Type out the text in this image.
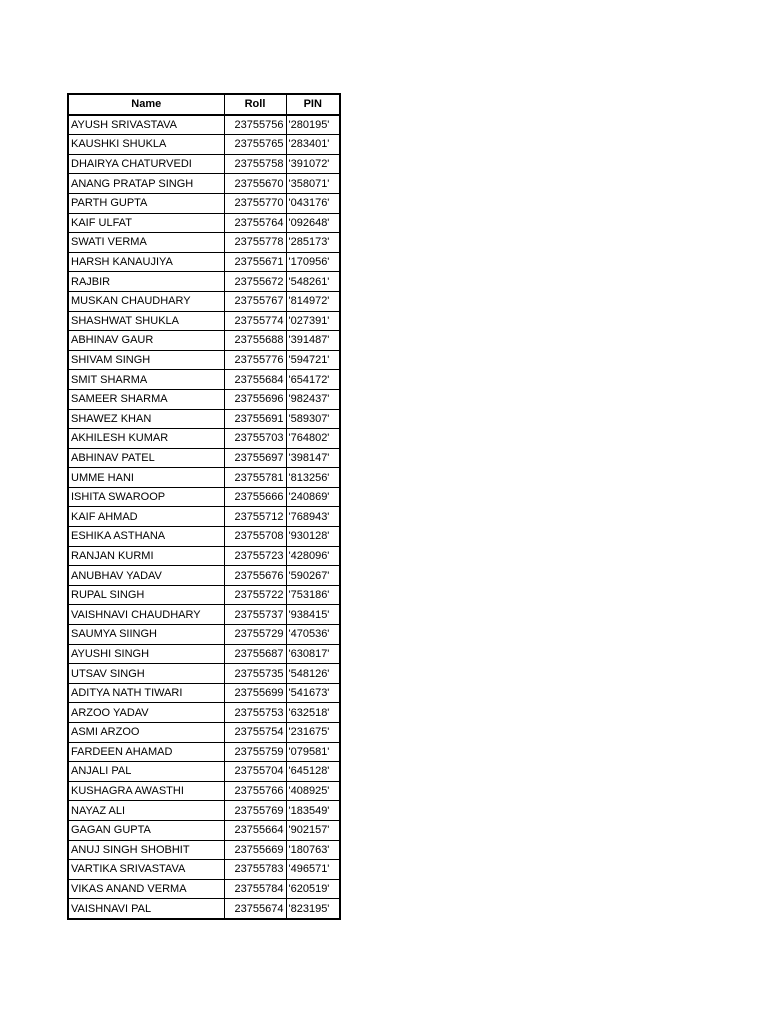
Name	Roll	PIN
AYUSH SRIVASTAVA	23755756	'280195'
KAUSHKI SHUKLA	23755765	'283401'
DHAIRYA CHATURVEDI	23755758	'391072'
ANANG PRATAP SINGH	23755670	'358071'
PARTH GUPTA	23755770	'043176'
KAIF ULFAT	23755764	'092648'
SWATI VERMA	23755778	'285173'
HARSH KANAUJIYA	23755671	'170956'
RAJBIR	23755672	'548261'
MUSKAN CHAUDHARY	23755767	'814972'
SHASHWAT SHUKLA	23755774	'027391'
ABHINAV GAUR	23755688	'391487'
SHIVAM SINGH	23755776	'594721'
SMIT SHARMA	23755684	'654172'
SAMEER SHARMA	23755696	'982437'
SHAWEZ KHAN	23755691	'589307'
AKHILESH KUMAR	23755703	'764802'
ABHINAV PATEL	23755697	'398147'
UMME HANI	23755781	'813256'
ISHITA SWAROOP	23755666	'240869'
KAIF AHMAD	23755712	'768943'
ESHIKA ASTHANA	23755708	'930128'
RANJAN KURMI	23755723	'428096'
ANUBHAV YADAV	23755676	'590267'
RUPAL SINGH	23755722	'753186'
VAISHNAVI CHAUDHARY	23755737	'938415'
SAUMYA SIINGH	23755729	'470536'
AYUSHI SINGH	23755687	'630817'
UTSAV SINGH	23755735	'548126'
ADITYA NATH TIWARI	23755699	'541673'
ARZOO YADAV	23755753	'632518'
ASMI ARZOO	23755754	'231675'
FARDEEN AHAMAD	23755759	'079581'
ANJALI PAL	23755704	'645128'
KUSHAGRA AWASTHI	23755766	'408925'
NAYAZ ALI	23755769	'183549'
GAGAN GUPTA	23755664	'902157'
ANUJ SINGH SHOBHIT	23755669	'180763'
VARTIKA SRIVASTAVA	23755783	'496571'
VIKAS ANAND VERMA	23755784	'620519'
VAISHNAVI PAL	23755674	'823195'
